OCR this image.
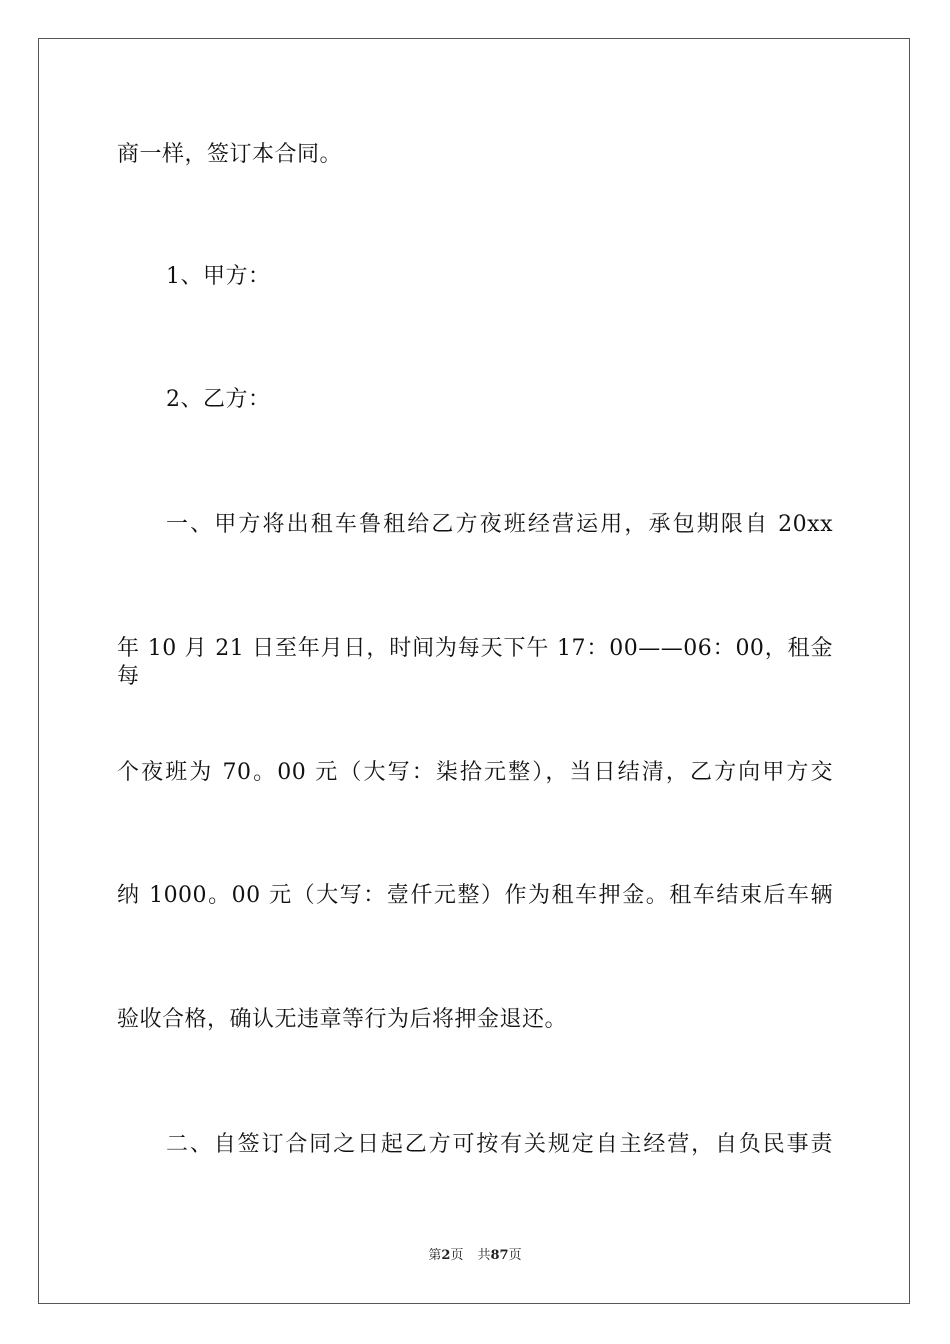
商一样，签订本合同。
1、甲方：
2、乙方：
一、甲方将出租车鲁租给乙方夜班经营运用，承包期限自 20xx
年 10 月 21 日至年月日，时间为每天下午 17：00——06：00，租金每
个夜班为 70。00 元（大写：柒拾元整），当日结清，乙方向甲方交
纳 1000。00 元（大写：壹仟元整）作为租车押金。租车结束后车辆
验收合格，确认无违章等行为后将押金退还。
二、自签订合同之日起乙方可按有关规定自主经营，自负民事责
第2页 共87页
